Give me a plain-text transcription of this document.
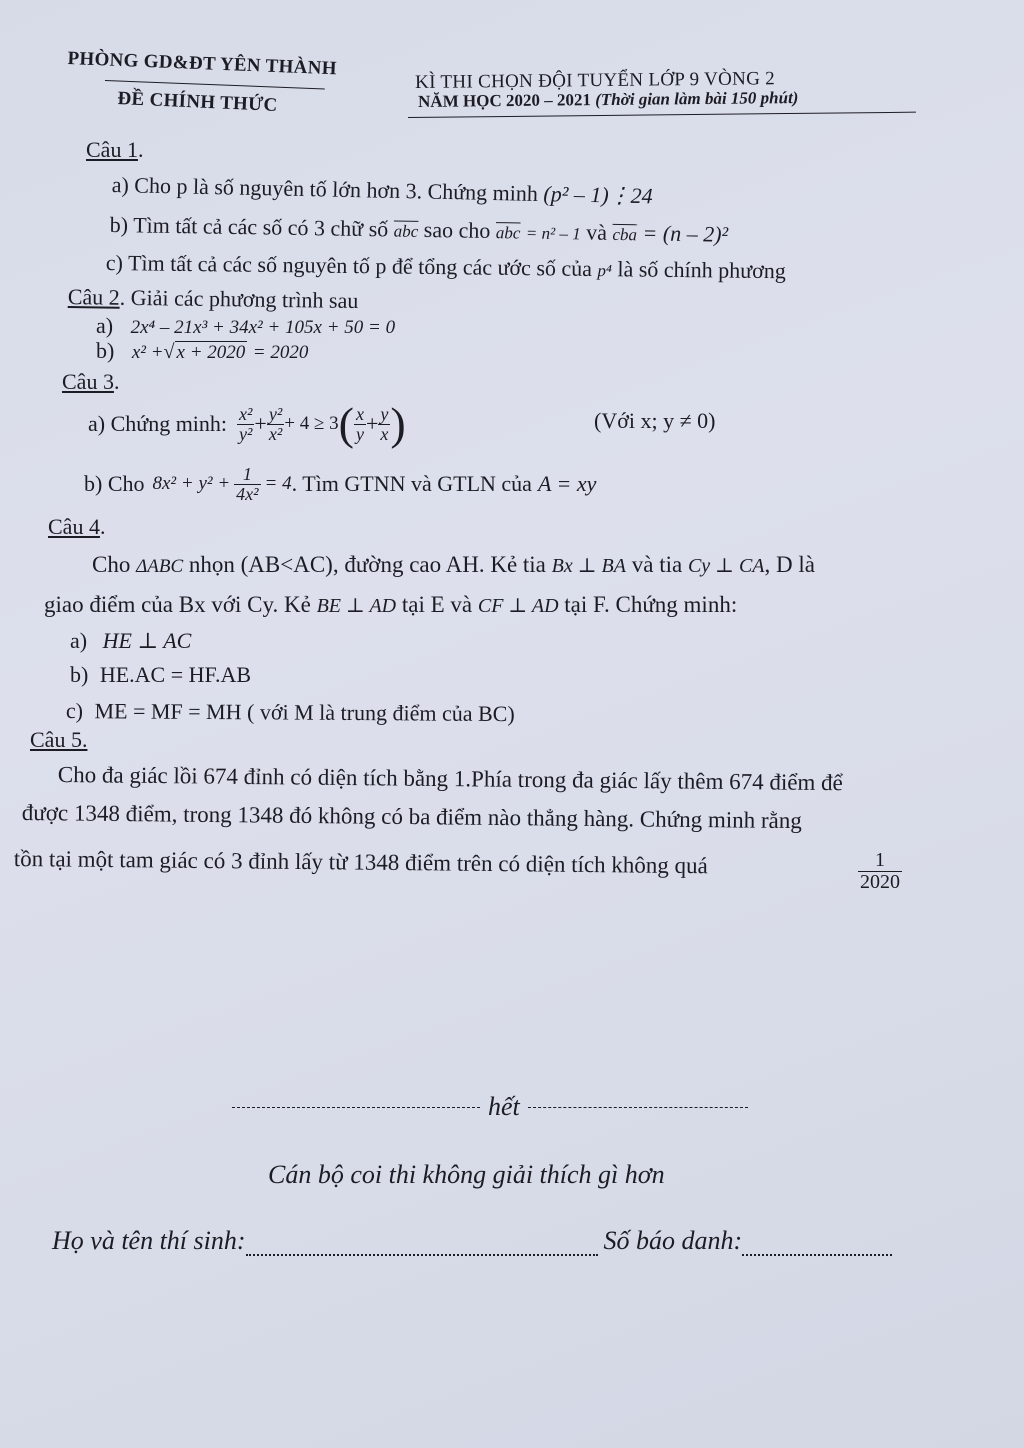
PHÒNG GD&ĐT YÊN THÀNH
ĐỀ CHÍNH THỨC
KÌ THI CHỌN ĐỘI TUYỂN LỚP 9 VÒNG 2
NĂM HỌC 2020 – 2021 (Thời gian làm bài 150 phút)
Câu 1.
a) Cho p là số nguyên tố lớn hơn 3. Chứng minh (p² – 1)⋮24
b) Tìm tất cả các số có 3 chữ số $\overline{abc}$ sao cho $\overline{abc} = n^2 - 1$ và $\overline{cba} = (n - 2)^2$
c) Tìm tất cả các số nguyên tố p để tổng các ước số của p⁴ là số chính phương
Câu 2. Giải các phương trình sau
a) 2x⁴ – 21x³ + 34x² + 105x + 50 = 0
b) x² +√ x + 2020 = 2020
Câu 3.
a) Chứng minh: $\frac{\text{x²}}{\text{y²}} + \frac{\text{y²}}{\text{x²}} + 4 \ge 3$ ( $\frac{x}{y} + \frac{y}{x}$ )	(Với x; y ≠ 0)
b) Cho $8x^2 + y^2 + \frac{1}{\text{4x²}} = 4$ . Tìm GTNN và GTLN của A = xy
Câu 4.
Cho ΔABC nhọn (AB<AC), đường cao AH. Kẻ tia Bx ⊥ BA và tia Cy ⊥ CA, D là
giao điểm của Bx với Cy. Kẻ BE ⊥ AD tại E và CF ⊥ AD tại F. Chứng minh:
a) HE ⊥ AC
b) HE.AC = HF.AB
c) ME = MF = MH ( với M là trung điểm của BC)
Câu 5.
Cho đa giác lồi 674 đỉnh có diện tích bằng 1.Phía trong đa giác lấy thêm 674 điểm để
được 1348 điểm, trong 1348 đó không có ba điểm nào thẳng hàng. Chứng minh rằng
tồn tại một tam giác có 3 đỉnh lấy từ 1348 điểm trên có diện tích không quá	$\frac{1}{2020}$
hết
Cán bộ coi thi không giải thích gì hơn
Họ và tên thí sinh:	Số báo danh:
